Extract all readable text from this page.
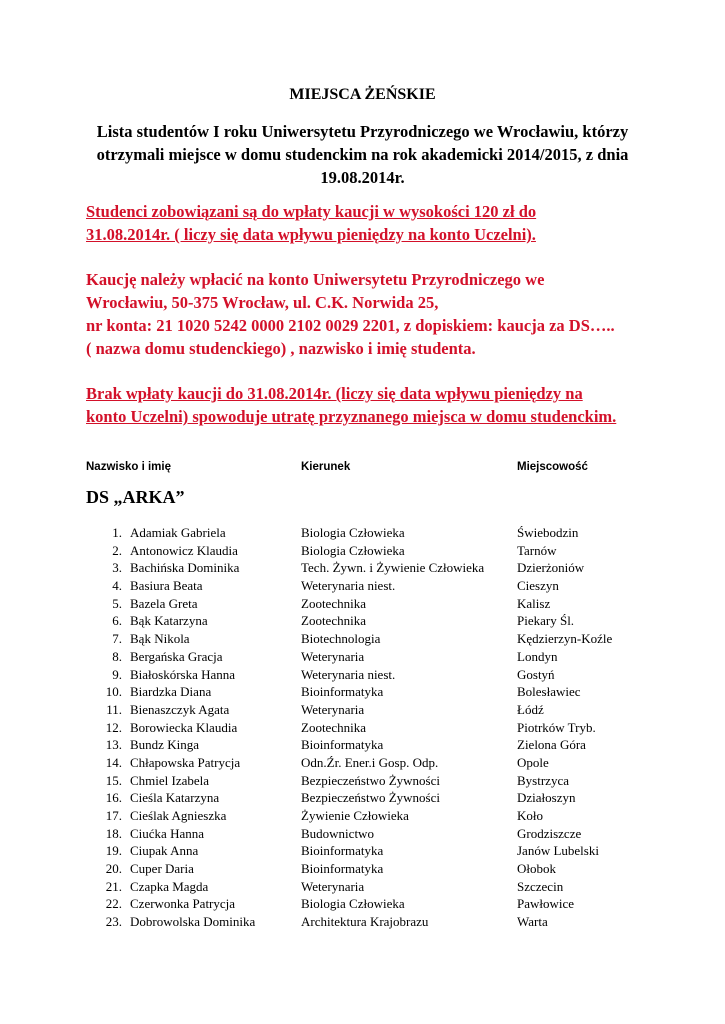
MIEJSCA ŻEŃSKIE
Lista studentów I roku Uniwersytetu Przyrodniczego we Wrocławiu, którzy
otrzymali miejsce w domu studenckim na rok akademicki 2014/2015, z dnia
19.08.2014r.
Studenci zobowiązani są do wpłaty kaucji w wysokości 120 zł do
31.08.2014r. ( liczy się data wpływu pieniędzy na konto Uczelni).
Kaucję należy wpłacić na konto Uniwersytetu Przyrodniczego we
Wrocławiu, 50-375 Wrocław, ul. C.K. Norwida 25,
nr konta: 21 1020 5242 0000 2102 0029 2201, z dopiskiem: kaucja za DS…..
( nazwa domu studenckiego) , nazwisko i imię studenta.
Brak wpłaty kaucji do 31.08.2014r. (liczy się data wpływu pieniędzy na
konto Uczelni) spowoduje utratę przyznanego miejsca w domu studenckim.
Nazwisko i imię	Kierunek	Miejscowość
DS „ARKA”
1. Adamiak Gabriela	Biologia Człowieka	Świebodzin
2. Antonowicz Klaudia	Biologia Człowieka	Tarnów
3. Bachińska Dominika	Tech. Żywn. i Żywienie Człowieka	Dzierżoniów
4. Basiura Beata	Weterynaria niest.	Cieszyn
5. Bazela Greta	Zootechnika	Kalisz
6. Bąk Katarzyna	Zootechnika	Piekary Śl.
7. Bąk Nikola	Biotechnologia	Kędzierzyn-Koźle
8. Bergańska Gracja	Weterynaria	Londyn
9. Białoskórska Hanna	Weterynaria niest.	Gostyń
10. Biardzka Diana	Bioinformatyka	Bolesławiec
11. Bienaszczyk Agata	Weterynaria	Łódź
12. Borowiecka Klaudia	Zootechnika	Piotrków Tryb.
13. Bundz Kinga	Bioinformatyka	Zielona Góra
14. Chłapowska Patrycja	Odn.Źr. Ener.i Gosp. Odp.	Opole
15. Chmiel Izabela	Bezpieczeństwo Żywności	Bystrzyca
16. Cieśla Katarzyna	Bezpieczeństwo Żywności	Działoszyn
17. Cieślak Agnieszka	Żywienie Człowieka	Koło
18. Ciućka Hanna	Budownictwo	Grodziszcze
19. Ciupak Anna	Bioinformatyka	Janów Lubelski
20. Cuper Daria	Bioinformatyka	Ołobok
21. Czapka Magda	Weterynaria	Szczecin
22. Czerwonka Patrycja	Biologia Człowieka	Pawłowice
23. Dobrowolska Dominika	Architektura Krajobrazu	Warta
